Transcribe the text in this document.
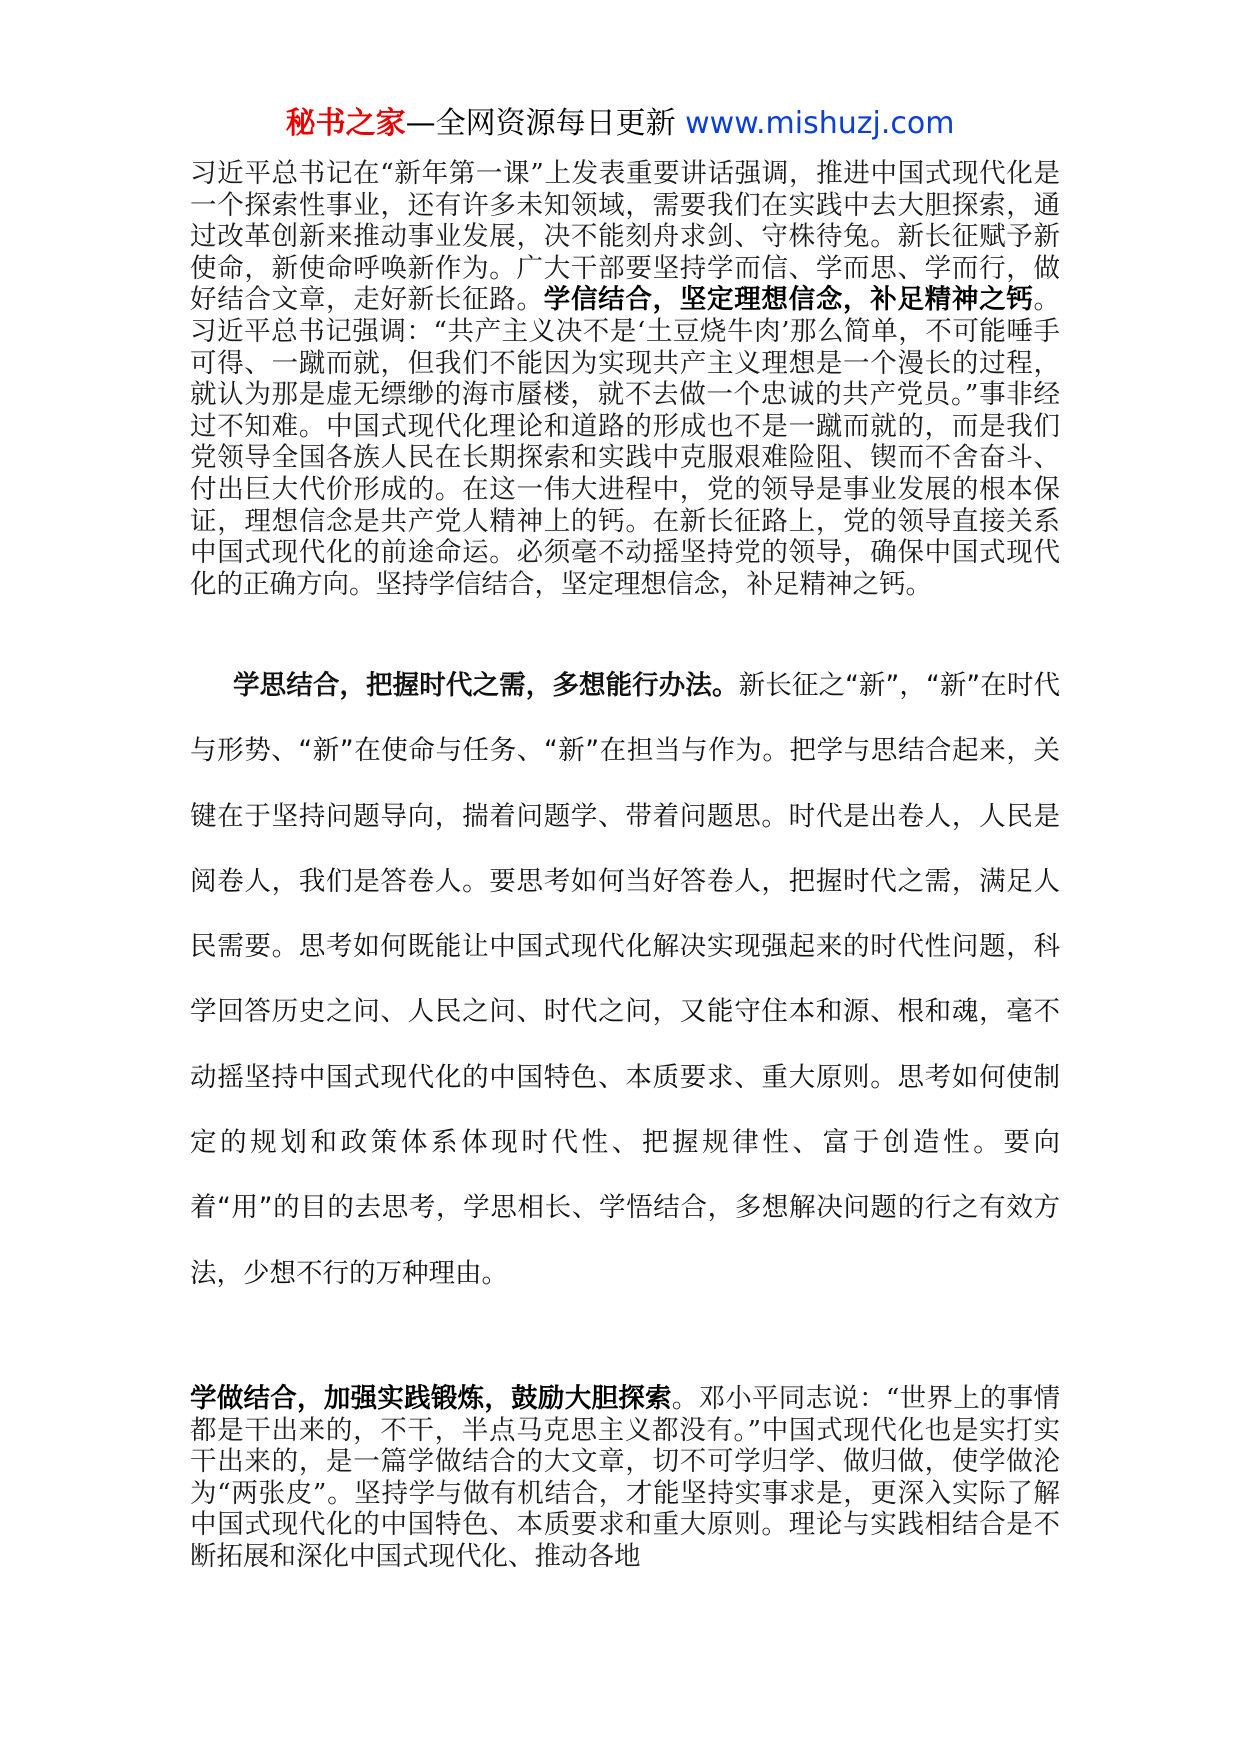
秘书之家—全网资源每日更新 www.mishuzj.com

习近平总书记在“新年第一课”上发表重要讲话强调，推进中国式现代化是一个探索性事业，还有许多未知领域，需要我们在实践中去大胆探索，通过改革创新来推动事业发展，决不能刻舟求剑、守株待兔。新长征赋予新使命，新使命呼唤新作为。广大干部要坚持学而信、学而思、学而行，做好结合文章，走好新长征路。学信结合，坚定理想信念，补足精神之钙。习近平总书记强调：“共产主义决不是‘土豆烧牛肉’那么简单，不可能唾手可得、一蹴而就，但我们不能因为实现共产主义理想是一个漫长的过程，就认为那是虚无缥缈的海市蜃楼，就不去做一个忠诚的共产党员。”事非经过不知难。中国式现代化理论和道路的形成也不是一蹴而就的，而是我们党领导全国各族人民在长期探索和实践中克服艰难险阻、锲而不舍奋斗、付出巨大代价形成的。在这一伟大进程中，党的领导是事业发展的根本保证，理想信念是共产党人精神上的钙。在新长征路上，党的领导直接关系中国式现代化的前途命运。必须毫不动摇坚持党的领导，确保中国式现代化的正确方向。坚持学信结合，坚定理想信念，补足精神之钙。

学思结合，把握时代之需，多想能行办法。新长征之“新”，“新”在时代与形势、“新”在使命与任务、“新”在担当与作为。把学与思结合起来，关键在于坚持问题导向，揣着问题学、带着问题思。时代是出卷人，人民是阅卷人，我们是答卷人。要思考如何当好答卷人，把握时代之需，满足人民需要。思考如何既能让中国式现代化解决实现强起来的时代性问题，科学回答历史之问、人民之问、时代之问，又能守住本和源、根和魂，毫不动摇坚持中国式现代化的中国特色、本质要求、重大原则。思考如何使制定的规划和政策体系体现时代性、把握规律性、富于创造性。要向着“用”的目的去思考，学思相长、学悟结合，多想解决问题的行之有效方法，少想不行的万种理由。

学做结合，加强实践锻炼，鼓励大胆探索。邓小平同志说：“世界上的事情都是干出来的，不干，半点马克思主义都没有。”中国式现代化也是实打实干出来的，是一篇学做结合的大文章，切不可学归学、做归做，使学做沦为“两张皮”。坚持学与做有机结合，才能坚持实事求是，更深入实际了解中国式现代化的中国特色、本质要求和重大原则。理论与实践相结合是不断拓展和深化中国式现代化、推动各地
